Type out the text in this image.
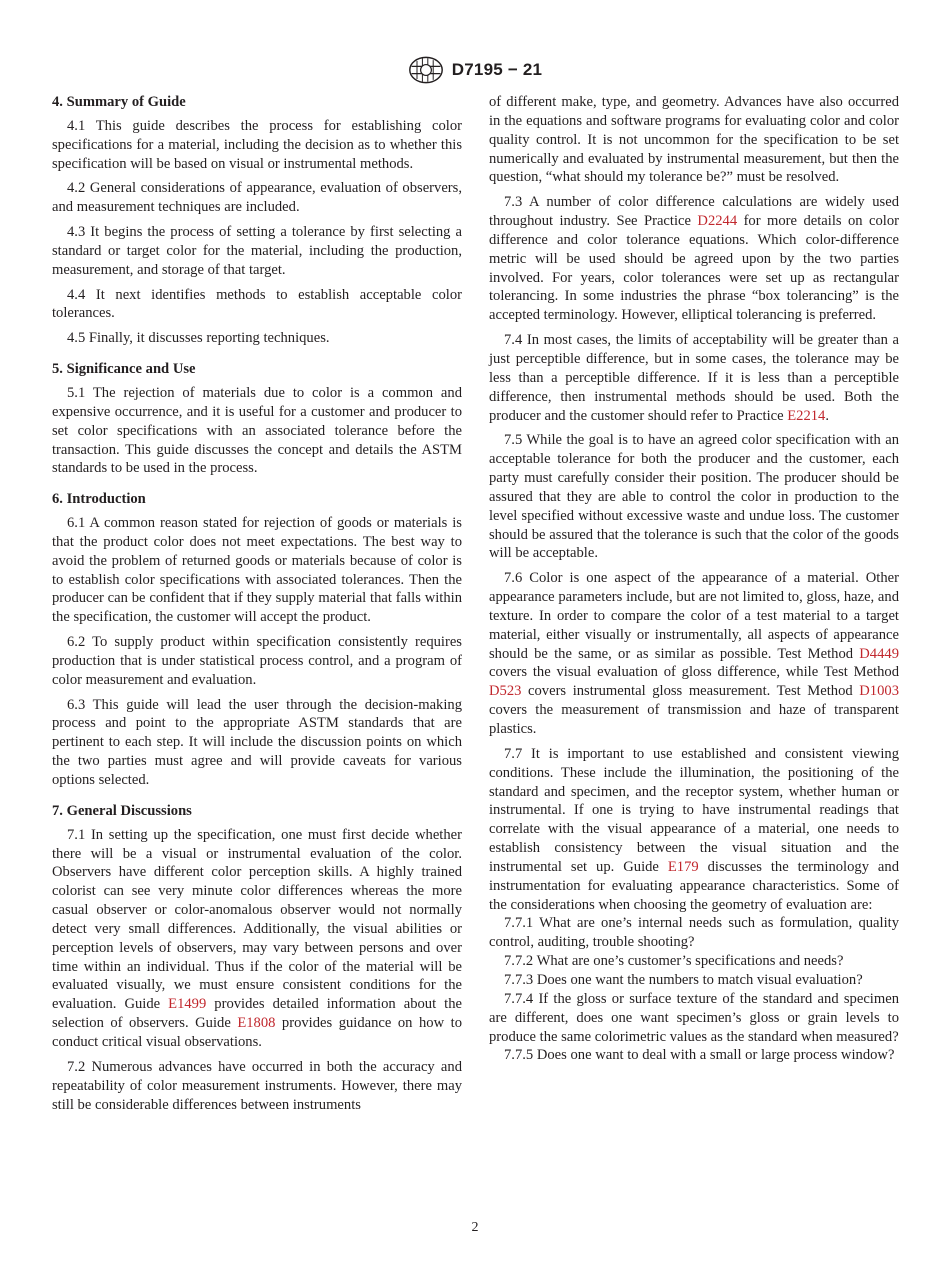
D7195 − 21
4. Summary of Guide

4.1 This guide describes the process for establishing color specifications for a material, including the decision as to whether this specification will be based on visual or instrumental methods.

4.2 General considerations of appearance, evaluation of observers, and measurement techniques are included.

4.3 It begins the process of setting a tolerance by first selecting a standard or target color for the material, including the production, measurement, and storage of that target.

4.4 It next identifies methods to establish acceptable color tolerances.

4.5 Finally, it discusses reporting techniques.

5. Significance and Use

5.1 The rejection of materials due to color is a common and expensive occurrence, and it is useful for a customer and producer to set color specifications with an associated tolerance before the transaction. This guide discusses the concept and details the ASTM standards to be used in the process.

6. Introduction

6.1 A common reason stated for rejection of goods or materials is that the product color does not meet expectations. The best way to avoid the problem of returned goods or materials because of color is to establish color specifications with associated tolerances. Then the producer can be confident that if they supply material that falls within the specification, the customer will accept the product.

6.2 To supply product within specification consistently requires production that is under statistical process control, and a program of color measurement and evaluation.

6.3 This guide will lead the user through the decision-making process and point to the appropriate ASTM standards that are pertinent to each step. It will include the discussion points on which the two parties must agree and will provide caveats for various options selected.

7. General Discussions

7.1 In setting up the specification, one must first decide whether there will be a visual or instrumental evaluation of the color. Observers have different color perception skills. A highly trained colorist can see very minute color differences whereas the more casual observer or color-anomalous observer would not normally detect very small differences. Additionally, the visual abilities or perception levels of observers, may vary between persons and over time within an individual. Thus if the color of the material will be evaluated visually, we must ensure consistent conditions for the evaluation. Guide E1499 provides detailed information about the selection of observers. Guide E1808 provides guidance on how to conduct critical visual observations.

7.2 Numerous advances have occurred in both the accuracy and repeatability of color measurement instruments. However, there may still be considerable differences between instruments

of different make, type, and geometry. Advances have also occurred in the equations and software programs for evaluating color and color quality control. It is not uncommon for the specification to be set numerically and evaluated by instrumental measurement, but then the question, “what should my tolerance be?” must be resolved.

7.3 A number of color difference calculations are widely used throughout industry. See Practice D2244 for more details on color difference and color tolerance equations. Which color-difference metric will be used should be agreed upon by the two parties involved. For years, color tolerances were set up as rectangular tolerancing. In some industries the phrase “box tolerancing” is the accepted terminology. However, elliptical tolerancing is preferred.

7.4 In most cases, the limits of acceptability will be greater than a just perceptible difference, but in some cases, the tolerance may be less than a perceptible difference. If it is less than a perceptible difference, then instrumental methods should be used. Both the producer and the customer should refer to Practice E2214.

7.5 While the goal is to have an agreed color specification with an acceptable tolerance for both the producer and the customer, each party must carefully consider their position. The producer should be assured that they are able to control the color in production to the level specified without excessive waste and undue loss. The customer should be assured that the tolerance is such that the color of the goods will be acceptable.

7.6 Color is one aspect of the appearance of a material. Other appearance parameters include, but are not limited to, gloss, haze, and texture. In order to compare the color of a test material to a target material, either visually or instrumentally, all aspects of appearance should be the same, or as similar as possible. Test Method D4449 covers the visual evaluation of gloss difference, while Test Method D523 covers instrumental gloss measurement. Test Method D1003 covers the measurement of transmission and haze of transparent plastics.

7.7 It is important to use established and consistent viewing conditions. These include the illumination, the positioning of the standard and specimen, and the receptor system, whether human or instrumental. If one is trying to have instrumental readings that correlate with the visual appearance of a material, one needs to establish consistency between the visual situation and the instrumental set up. Guide E179 discusses the terminology and instrumentation for evaluating appearance characteristics. Some of the considerations when choosing the geometry of evaluation are:

7.7.1 What are one’s internal needs such as formulation, quality control, auditing, trouble shooting?

7.7.2 What are one’s customer’s specifications and needs?

7.7.3 Does one want the numbers to match visual evaluation?

7.7.4 If the gloss or surface texture of the standard and specimen are different, does one want specimen’s gloss or grain levels to produce the same colorimetric values as the standard when measured?

7.7.5 Does one want to deal with a small or large process window?

2
